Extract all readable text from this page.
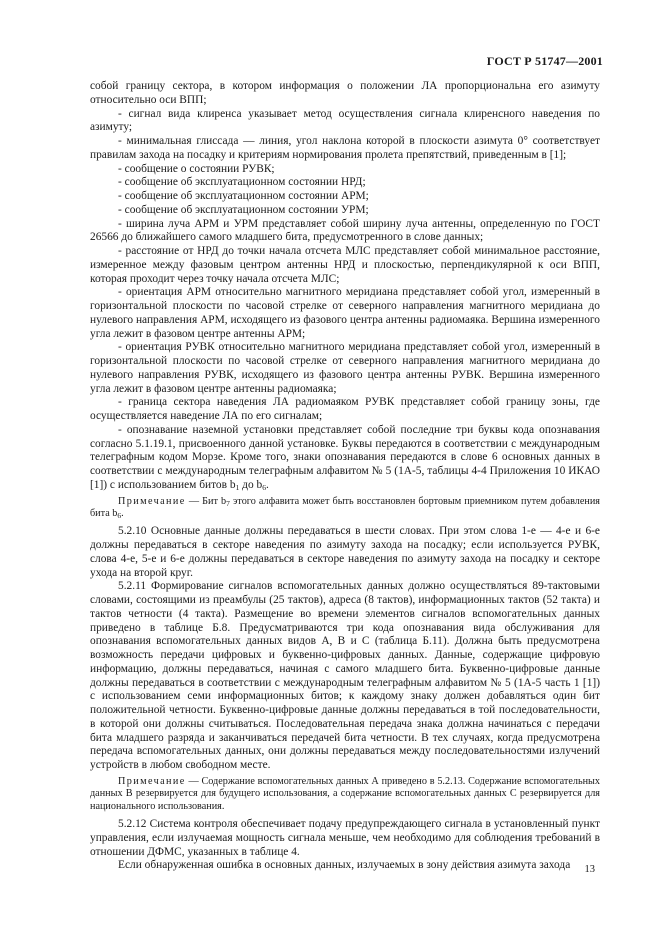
ГОСТ Р 51747—2001

собой границу сектора, в котором информация о положении ЛА пропорциональна его азимуту относительно оси ВПП;

- сигнал вида клиренса указывает метод осуществления сигнала клиренсного наведения по азимуту;

- минимальная глиссада — линия, угол наклона которой в плоскости азимута 0° соответствует правилам захода на посадку и критериям нормирования пролета препятствий, приведенным в [1];

- сообщение о состоянии РУВК;

- сообщение об эксплуатационном состоянии НРД;

- сообщение об эксплуатационном состоянии АРМ;

- сообщение об эксплуатационном состоянии УРМ;

- ширина луча АРМ и УРМ представляет собой ширину луча антенны, определенную по ГОСТ 26566 до ближайшего самого младшего бита, предусмотренного в слове данных;

- расстояние от НРД до точки начала отсчета МЛС представляет собой минимальное расстояние, измеренное между фазовым центром антенны НРД и плоскостью, перпендикулярной к оси ВПП, которая проходит через точку начала отсчета МЛС;

- ориентация АРМ относительно магнитного меридиана представляет собой угол, измеренный в горизонтальной плоскости по часовой стрелке от северного направления магнитного меридиана до нулевого направления АРМ, исходящего из фазового центра антенны радиомаяка. Вершина измеренного угла лежит в фазовом центре антенны АРМ;

- ориентация РУВК относительно магнитного меридиана представляет собой угол, измеренный в горизонтальной плоскости по часовой стрелке от северного направления магнитного меридиана до нулевого направления РУВК, исходящего из фазового центра антенны РУВК. Вершина измеренного угла лежит в фазовом центре антенны радиомаяка;

- граница сектора наведения ЛА радиомаяком РУВК представляет собой границу зоны, где осуществляется наведение ЛА по его сигналам;

- опознавание наземной установки представляет собой последние три буквы кода опознавания согласно 5.1.19.1, присвоенного данной установке. Буквы передаются в соответствии с международным телеграфным кодом Морзе. Кроме того, знаки опознавания передаются в слове 6 основных данных в соответствии с международным телеграфным алфавитом № 5 (1А-5, таблицы 4-4 Приложения 10 ИКАО [1]) с использованием битов $b_1$ до $b_6$.

Примечание — Бит $b_7$ этого алфавита может быть восстановлен бортовым приемником путем добавления бита $b_6$.

5.2.10 Основные данные должны передаваться в шести словах. При этом слова 1-е — 4-е и 6-е должны передаваться в секторе наведения по азимуту захода на посадку; если используется РУВК, слова 4-е, 5-е и 6-е должны передаваться в секторе наведения по азимуту захода на посадку и секторе ухода на второй круг.

5.2.11 Формирование сигналов вспомогательных данных должно осуществляться 89-тактовыми словами, состоящими из преамбулы (25 тактов), адреса (8 тактов), информационных тактов (52 такта) и тактов четности (4 такта). Размещение во времени элементов сигналов вспомогательных данных приведено в таблице Б.8. Предусматриваются три кода опознавания вида обслуживания для опознавания вспомогательных данных видов А, В и С (таблица Б.11). Должна быть предусмотрена возможность передачи цифровых и буквенно-цифровых данных. Данные, содержащие цифровую информацию, должны передаваться, начиная с самого младшего бита. Буквенно-цифровые данные должны передаваться в соответствии с международным телеграфным алфавитом № 5 (1А-5 часть 1 [1]) с использованием семи информационных битов; к каждому знаку должен добавляться один бит положительной четности. Буквенно-цифровые данные должны передаваться в той последовательности, в которой они должны считываться. Последовательная передача знака должна начинаться с передачи бита младшего разряда и заканчиваться передачей бита четности. В тех случаях, когда предусмотрена передача вспомогательных данных, они должны передаваться между последовательностями излучений устройств в любом свободном месте.

Примечание — Содержание вспомогательных данных А приведено в 5.2.13. Содержание вспомогательных данных В резервируется для будущего использования, а содержание вспомогательных данных С резервируется для национального использования.

5.2.12 Система контроля обеспечивает подачу предупреждающего сигнала в установленный пункт управления, если излучаемая мощность сигнала меньше, чем необходимо для соблюдения требований в отношении ДФМС, указанных в таблице 4.

Если обнаруженная ошибка в основных данных, излучаемых в зону действия азимута захода	13
